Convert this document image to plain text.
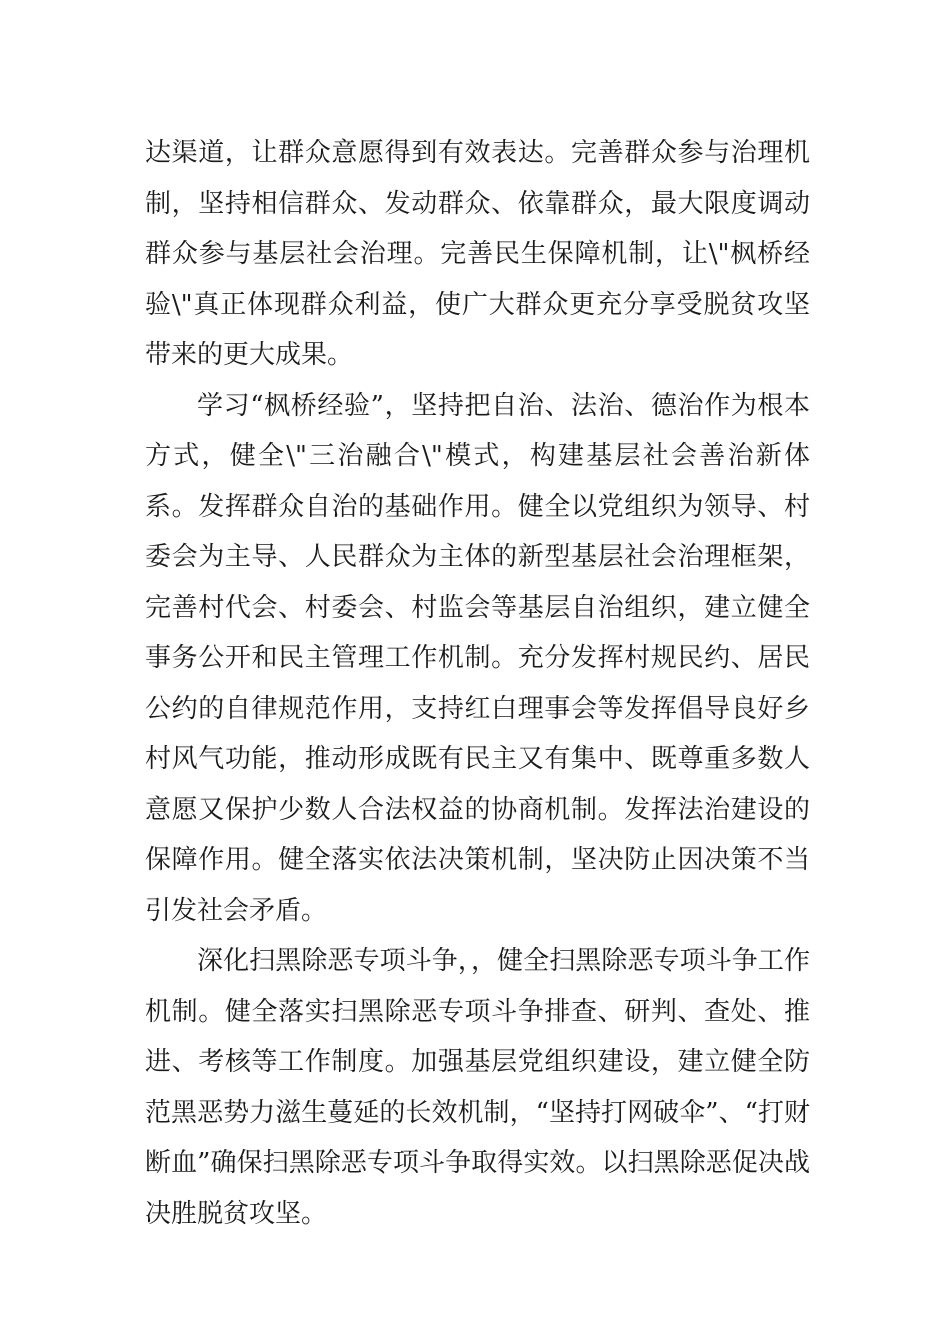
达渠道，让群众意愿得到有效表达。完善群众参与治理机制，坚持相信群众、发动群众、依靠群众，最大限度调动群众参与基层社会治理。完善民生保障机制，让\"枫桥经验\"真正体现群众利益，使广大群众更充分享受脱贫攻坚带来的更大成果。

学习“枫桥经验”，坚持把自治、法治、德治作为根本方式，健全\"三治融合\"模式，构建基层社会善治新体系。发挥群众自治的基础作用。健全以党组织为领导、村委会为主导、人民群众为主体的新型基层社会治理框架，完善村代会、村委会、村监会等基层自治组织，建立健全事务公开和民主管理工作机制。充分发挥村规民约、居民公约的自律规范作用，支持红白理事会等发挥倡导良好乡村风气功能，推动形成既有民主又有集中、既尊重多数人意愿又保护少数人合法权益的协商机制。发挥法治建设的保障作用。健全落实依法决策机制，坚决防止因决策不当引发社会矛盾。

深化扫黑除恶专项斗争，，健全扫黑除恶专项斗争工作机制。健全落实扫黑除恶专项斗争排查、研判、查处、推进、考核等工作制度。加强基层党组织建设，建立健全防范黑恶势力滋生蔓延的长效机制，“坚持打网破伞”、“打财断血”确保扫黑除恶专项斗争取得实效。以扫黑除恶促决战决胜脱贫攻坚。
